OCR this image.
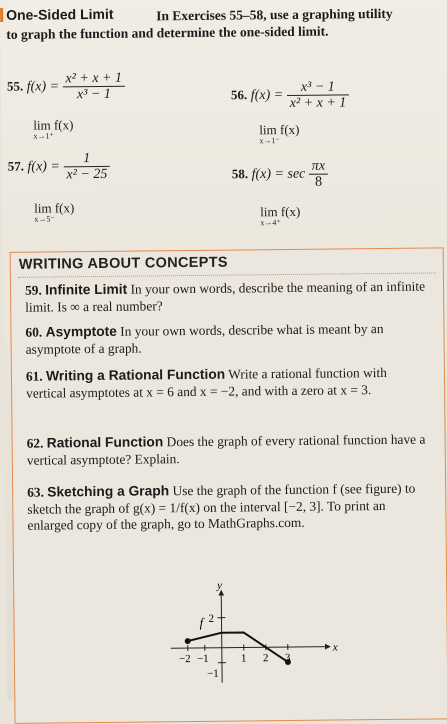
One-Sided Limit	In Exercises 55–58, use a graphing utility
to graph the function and determine the one-sided limit.
55. $f(x) = \frac{\text{x² + x + 1}}{\text{x³ − 1}}$
lim f(x)
x→1⁺
56. $f(x) = \frac{\text{x³ − 1}}{\text{x² + x + 1}}$
lim f(x)
x→1⁻
57. $f(x) = \frac{1}{\text{x² − 25}}$
lim f(x)
x→5⁻
58. $f(x) = \sec \frac{\pi x}{8}$
lim f(x)
x→4⁺
WRITING ABOUT CONCEPTS
59. Infinite Limit In your own words, describe the meaning of an infinite limit. Is ∞ a real number?
60. Asymptote In your own words, describe what is meant by an asymptote of a graph.
61. Writing a Rational Function Write a rational function with vertical asymptotes at x = 6 and x = −2, and with a zero at x = 3.
62. Rational Function Does the graph of every rational function have a vertical asymptote? Explain.
63. Sketching a Graph Use the graph of the function f (see figure) to sketch the graph of g(x) = 1/f(x) on the interval [−2, 3]. To print an enlarged copy of the graph, go to MathGraphs.com.
y
x
f 2
−1
−2 −1	1 2 3
